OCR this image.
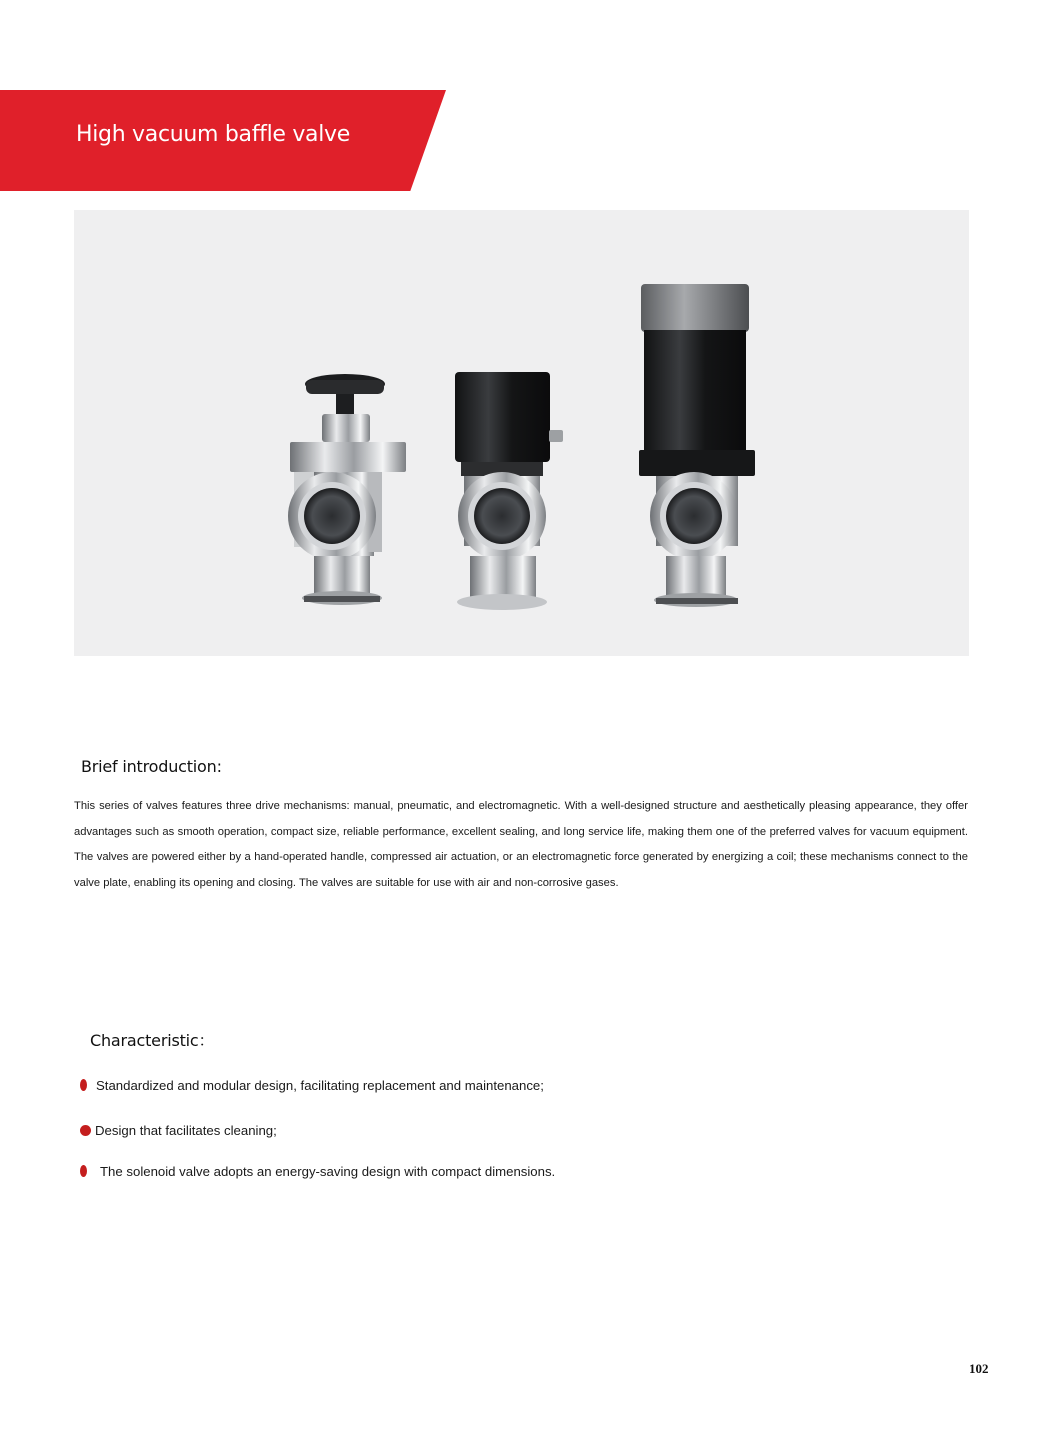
High vacuum baffle valve
Brief introduction:

This series of valves features three drive mechanisms: manual, pneumatic, and electromagnetic. With a well-designed structure and aesthetically pleasing appearance, they offer advantages such as smooth operation, compact size, reliable performance, excellent sealing, and long service life, making them one of the preferred valves for vacuum equipment. The valves are powered either by a hand-operated handle, compressed air actuation, or an electromagnetic force generated by energizing a coil; these mechanisms connect to the valve plate, enabling its opening and closing. The valves are suitable for use with air and non-corrosive gases.

Characteristic：
Standardized and modular design, facilitating replacement and maintenance;
Design that facilitates cleaning;
The solenoid valve adopts an energy-saving design with compact dimensions.
102
